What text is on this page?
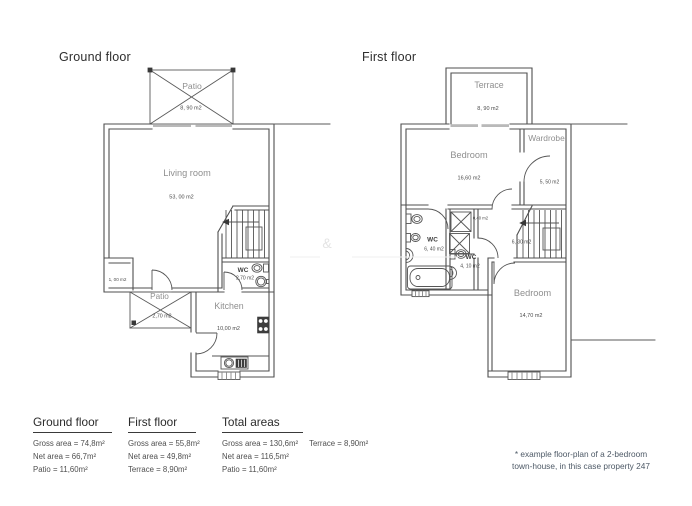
Ground floor	First floor
Patio
8, 90 m2
Living room
53, 00 m2
1, 00 m2
Patio
2,70 m2
WC
2,70 m2
Kitchen
10,00 m2
Terrace
8, 90 m2
Bedroom
16,60 m2
Wardrobe
5, 50 m2
WC
6, 40 m2
0,40 m2
WC
4, 10 m2
6, 30 m2
Bedroom
14,70 m2
&
Ground floor
Gross area = 74,8m²
Net area = 66,7m²
Patio = 11,60m²
First floor
Gross area = 55,8m²
Net area = 49,8m²
Terrace = 8,90m²
Total areas
Gross area = 130,6m² Terrace = 8,90m²
Net area = 116,5m²
Patio = 11,60m²
* example floor-plan of a 2-bedroom
town-house, in this case property 247
